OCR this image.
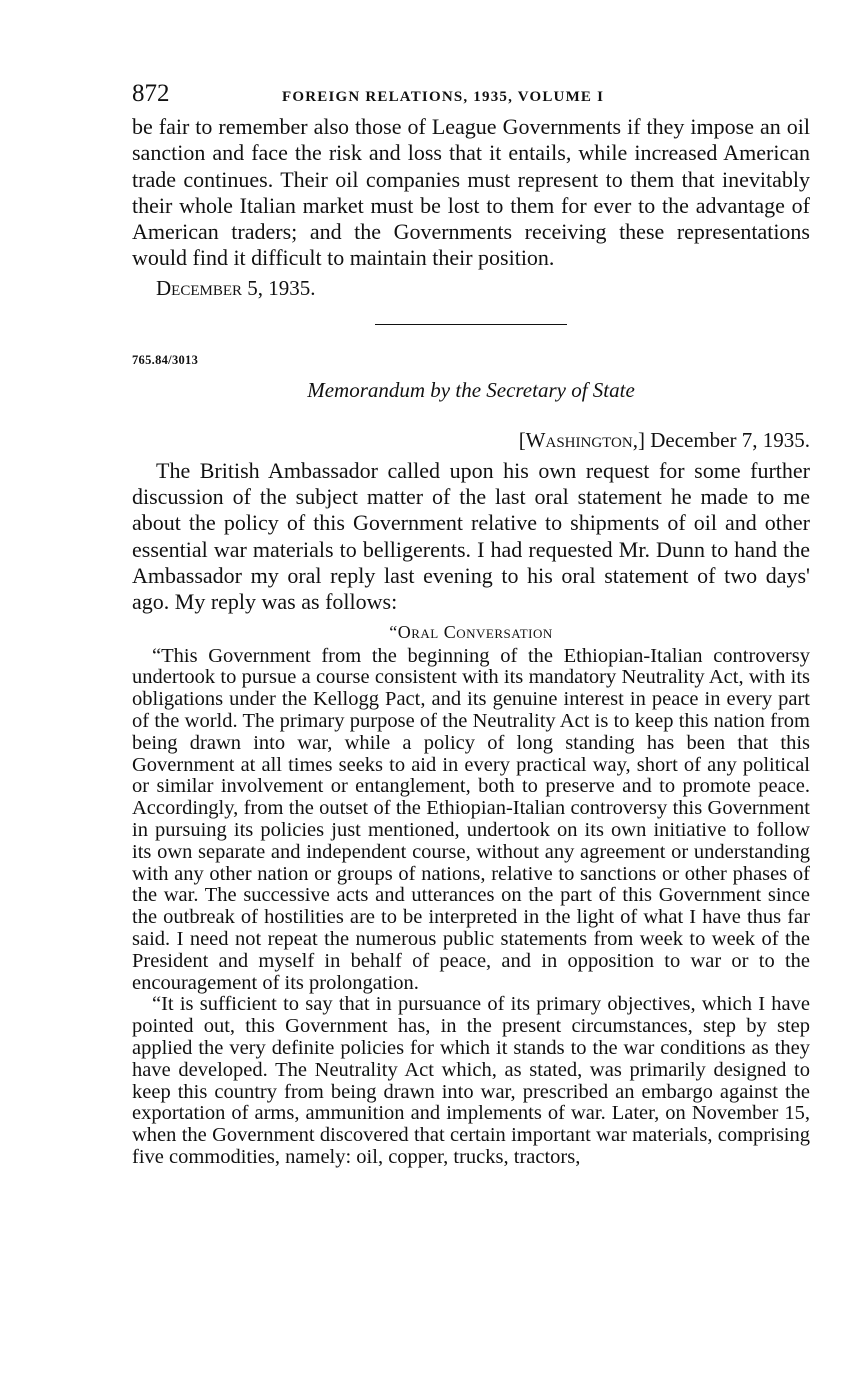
872	FOREIGN RELATIONS, 1935, VOLUME I

be fair to remember also those of League Governments if they impose an oil sanction and face the risk and loss that it entails, while increased American trade continues. Their oil companies must represent to them that inevitably their whole Italian market must be lost to them for ever to the advantage of American traders; and the Governments receiving these representations would find it difficult to maintain their position.

December 5, 1935.
765.84/3013
Memorandum by the Secretary of State
[Washington,] December 7, 1935.

The British Ambassador called upon his own request for some further discussion of the subject matter of the last oral statement he made to me about the policy of this Government relative to shipments of oil and other essential war materials to belligerents. I had requested Mr. Dunn to hand the Ambassador my oral reply last evening to his oral statement of two days' ago. My reply was as follows:

“Oral Conversation

“This Government from the beginning of the Ethiopian-Italian controversy undertook to pursue a course consistent with its mandatory Neutrality Act, with its obligations under the Kellogg Pact, and its genuine interest in peace in every part of the world. The primary purpose of the Neutrality Act is to keep this nation from being drawn into war, while a policy of long standing has been that this Government at all times seeks to aid in every practical way, short of any political or similar involvement or entanglement, both to preserve and to promote peace. Accordingly, from the outset of the Ethiopian-Italian controversy this Government in pursuing its policies just mentioned, undertook on its own initiative to follow its own separate and independent course, without any agreement or understanding with any other nation or groups of nations, relative to sanctions or other phases of the war. The successive acts and utterances on the part of this Government since the outbreak of hostilities are to be interpreted in the light of what I have thus far said. I need not repeat the numerous public statements from week to week of the President and myself in behalf of peace, and in opposition to war or to the encouragement of its prolongation.

“It is sufficient to say that in pursuance of its primary objectives, which I have pointed out, this Government has, in the present circumstances, step by step applied the very definite policies for which it stands to the war conditions as they have developed. The Neutrality Act which, as stated, was primarily designed to keep this country from being drawn into war, prescribed an embargo against the exportation of arms, ammunition and implements of war. Later, on November 15, when the Government discovered that certain important war materials, comprising five commodities, namely: oil, copper, trucks, tractors,
